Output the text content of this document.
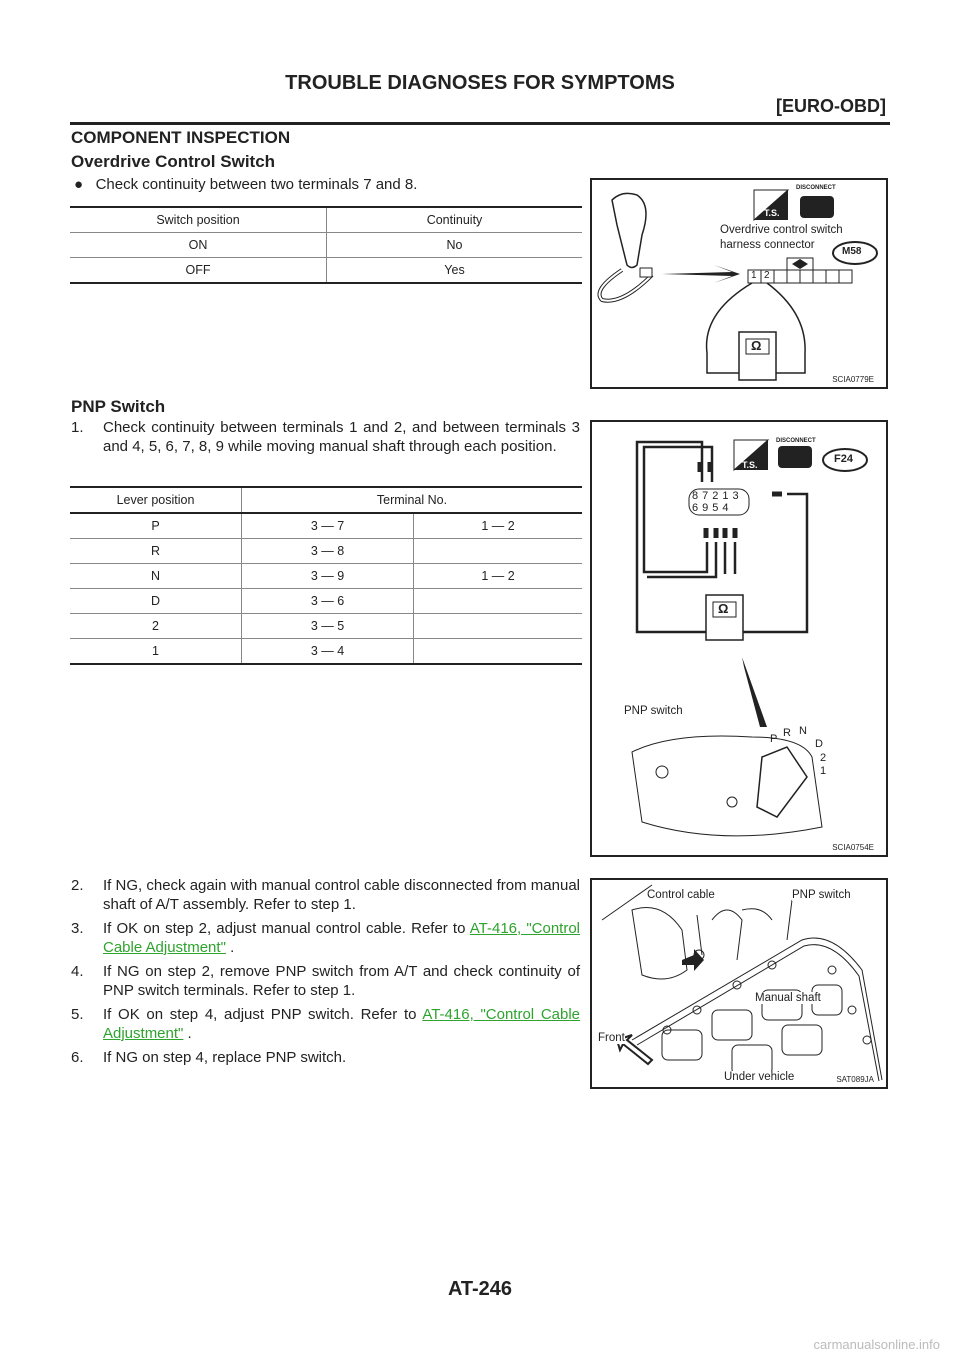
TROUBLE DIAGNOSES FOR SYMPTOMS
[EURO-OBD]
COMPONENT INSPECTION
Overdrive Control Switch
● Check continuity between two terminals 7 and 8.
Switch position	Continuity
ON	No
OFF	Yes
T.S.
DISCONNECT
Overdrive control switch
harness connector
M58
1 2
Ω
SCIA0779E
PNP Switch
1. Check continuity between terminals 1 and 2, and between terminals 3 and 4, 5, 6, 7, 8, 9 while moving manual shaft through each position.
Lever position	Terminal No.	
P	3 — 7	1 — 2
R	3 — 8	
N	3 — 9	1 — 2
D	3 — 6	
2	3 — 5	
1	3 — 4	
T.S.
DISCONNECT
F24
87213
6954
Ω
PNP switch
P R N
D
2
1
SCIA0754E
2. If NG, check again with manual control cable disconnected from manual shaft of A/T assembly. Refer to step 1.
3. If OK on step 2, adjust manual control cable. Refer to AT-416, "Control Cable Adjustment" .
4. If NG on step 2, remove PNP switch from A/T and check continuity of PNP switch terminals. Refer to step 1.
5. If OK on step 4, adjust PNP switch. Refer to AT-416, "Control Cable Adjustment" .
6. If NG on step 4, replace PNP switch.
Control cable	PNP switch
Manual shaft
Front
Under vehicle	SAT089JA
AT-246
carmanualsonline.info
